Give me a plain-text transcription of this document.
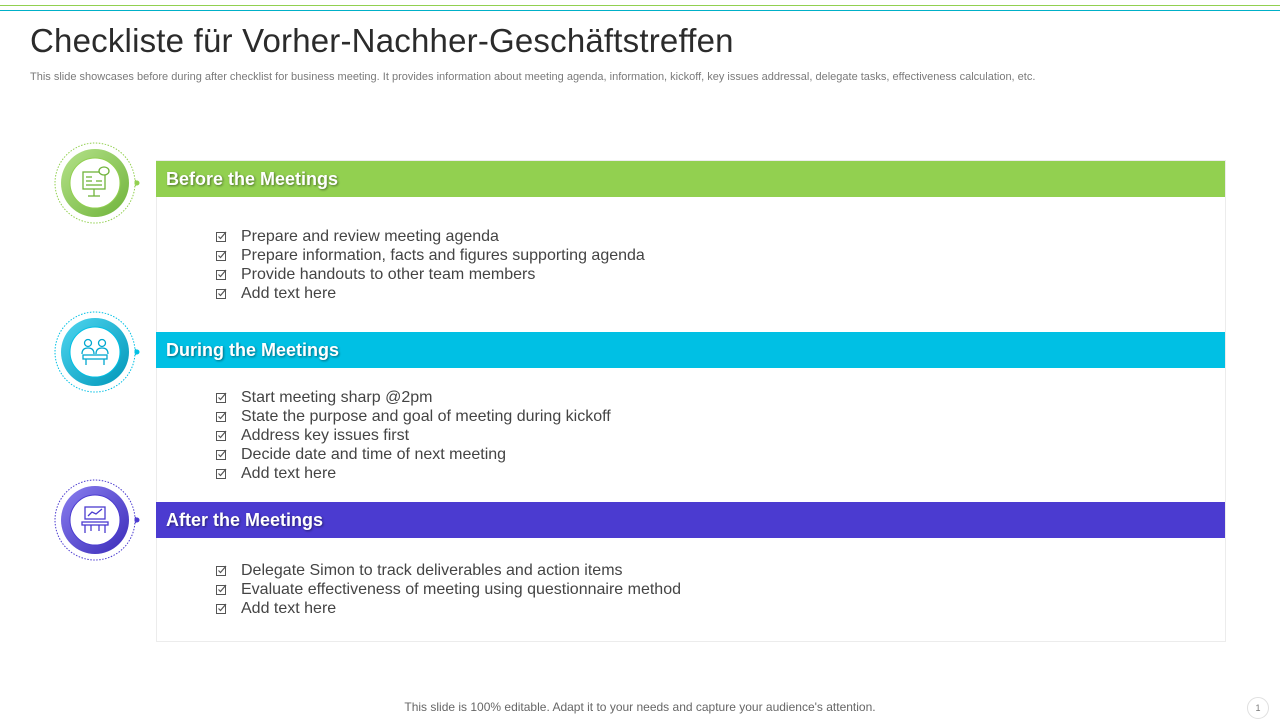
Checkliste für Vorher-Nachher-Geschäftstreffen

This slide showcases before during after checklist for business meeting. It provides information about meeting agenda, information, kickoff, key issues addressal, delegate tasks, effectiveness calculation, etc.

Before the Meetings
Prepare and review meeting agenda
Prepare information, facts and figures supporting agenda
Provide handouts to other team members
Add text here
During the Meetings
Start meeting sharp @2pm
State the purpose and goal of meeting during kickoff
Address key issues first
Decide date and time of next meeting
Add text here
After the Meetings
Delegate Simon to track deliverables and action items
Evaluate effectiveness of meeting using questionnaire method
Add text here
This slide is 100% editable. Adapt it to your needs and capture your audience's attention.	1
